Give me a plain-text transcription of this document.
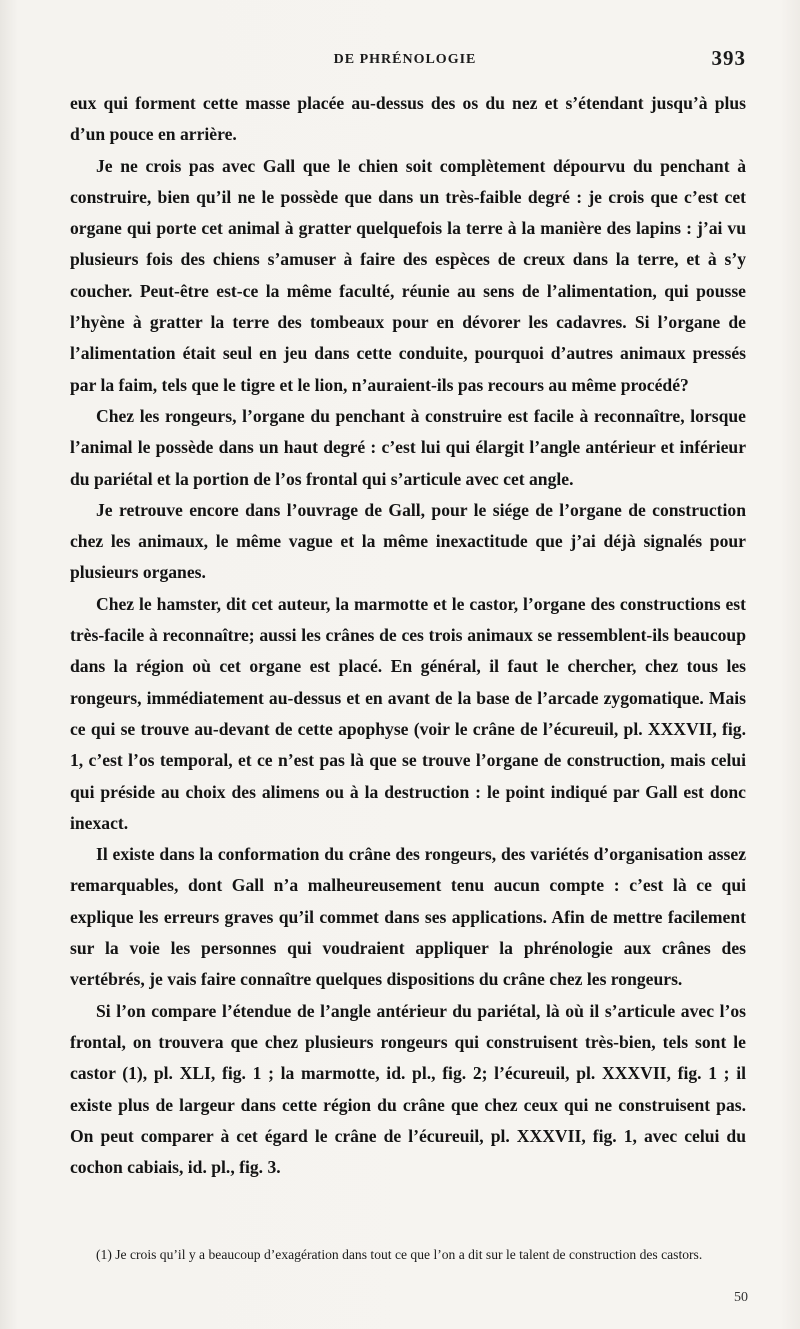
DE PHRÉNOLOGIE	393

eux qui forment cette masse placée au-dessus des os du nez et s’étendant jusqu’à plus d’un pouce en arrière.

Je ne crois pas avec Gall que le chien soit complètement dépourvu du penchant à construire, bien qu’il ne le possède que dans un très-faible degré : je crois que c’est cet organe qui porte cet animal à gratter quelquefois la terre à la manière des lapins : j’ai vu plusieurs fois des chiens s’amuser à faire des espèces de creux dans la terre, et à s’y coucher. Peut-être est-ce la même faculté, réunie au sens de l’alimentation, qui pousse l’hyène à gratter la terre des tombeaux pour en dévorer les cadavres. Si l’organe de l’alimentation était seul en jeu dans cette conduite, pourquoi d’autres animaux pressés par la faim, tels que le tigre et le lion, n’auraient-ils pas recours au même procédé?

Chez les rongeurs, l’organe du penchant à construire est facile à reconnaître, lorsque l’animal le possède dans un haut degré : c’est lui qui élargit l’angle antérieur et inférieur du pariétal et la portion de l’os frontal qui s’articule avec cet angle.

Je retrouve encore dans l’ouvrage de Gall, pour le siége de l’organe de construction chez les animaux, le même vague et la même inexactitude que j’ai déjà signalés pour plusieurs organes.

Chez le hamster, dit cet auteur, la marmotte et le castor, l’organe des constructions est très-facile à reconnaître; aussi les crânes de ces trois animaux se ressemblent-ils beaucoup dans la région où cet organe est placé. En général, il faut le chercher, chez tous les rongeurs, immédiatement au-dessus et en avant de la base de l’arcade zygomatique. Mais ce qui se trouve au-devant de cette apophyse (voir le crâne de l’écureuil, pl. XXXVII, fig. 1, c’est l’os temporal, et ce n’est pas là que se trouve l’organe de construction, mais celui qui préside au choix des alimens ou à la destruction : le point indiqué par Gall est donc inexact.

Il existe dans la conformation du crâne des rongeurs, des variétés d’organisation assez remarquables, dont Gall n’a malheureusement tenu aucun compte : c’est là ce qui explique les erreurs graves qu’il commet dans ses applications. Afin de mettre facilement sur la voie les personnes qui voudraient appliquer la phrénologie aux crânes des vertébrés, je vais faire connaître quelques dispositions du crâne chez les rongeurs.

Si l’on compare l’étendue de l’angle antérieur du pariétal, là où il s’articule avec l’os frontal, on trouvera que chez plusieurs rongeurs qui construisent très-bien, tels sont le castor (1), pl. XLI, fig. 1 ; la marmotte, id. pl., fig. 2; l’écureuil, pl. XXXVII, fig. 1 ; il existe plus de largeur dans cette région du crâne que chez ceux qui ne construisent pas. On peut comparer à cet égard le crâne de l’écureuil, pl. XXXVII, fig. 1, avec celui du cochon cabiais, id. pl., fig. 3.

(1) Je crois qu’il y a beaucoup d’exagération dans tout ce que l’on a dit sur le talent de construction des castors.
50
